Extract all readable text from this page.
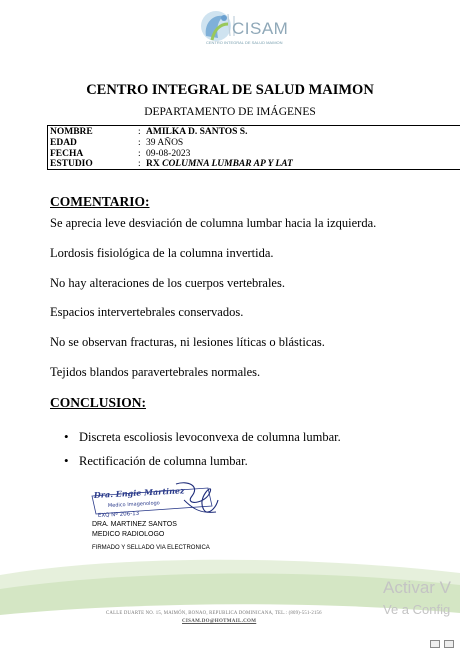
CISAM
CENTRO INTEGRAL DE SALUD MAIMON
CENTRO INTEGRAL DE SALUD MAIMON
DEPARTAMENTO DE IMÁGENES
NOMBRE	: AMILKA D. SANTOS S.
EDAD	: 39 AÑOS
FECHA	: 09-08-2023
ESTUDIO	: RX COLUMNA LUMBAR AP Y LAT
COMENTARIO:
Se aprecia leve desviación de columna lumbar hacia la izquierda.
Lordosis fisiológica de la columna invertida.
No hay alteraciones de los cuerpos vertebrales.
Espacios intervertebrales conservados.
No se observan fracturas, ni lesiones líticas o blásticas.
Tejidos blandos paravertebrales normales.
CONCLUSION:
• Discreta escoliosis levoconvexa de columna lumbar.
• Rectificación de columna lumbar.
Dra. Engie Martinez
Medico Imagenologo
EXQ Nº 206-13
DRA. MARTINEZ SANTOS
MEDICO RADIOLOGO
FIRMADO Y SELLADO VIA ELECTRONICA
CALLE DUARTE NO. 15, MAIMÓN, BONAO, REPUBLICA DOMINICANA, TEL.: (809)-551-2156
CISAM.DO@HOTMAIL.COM
Activar V
Ve a Config
